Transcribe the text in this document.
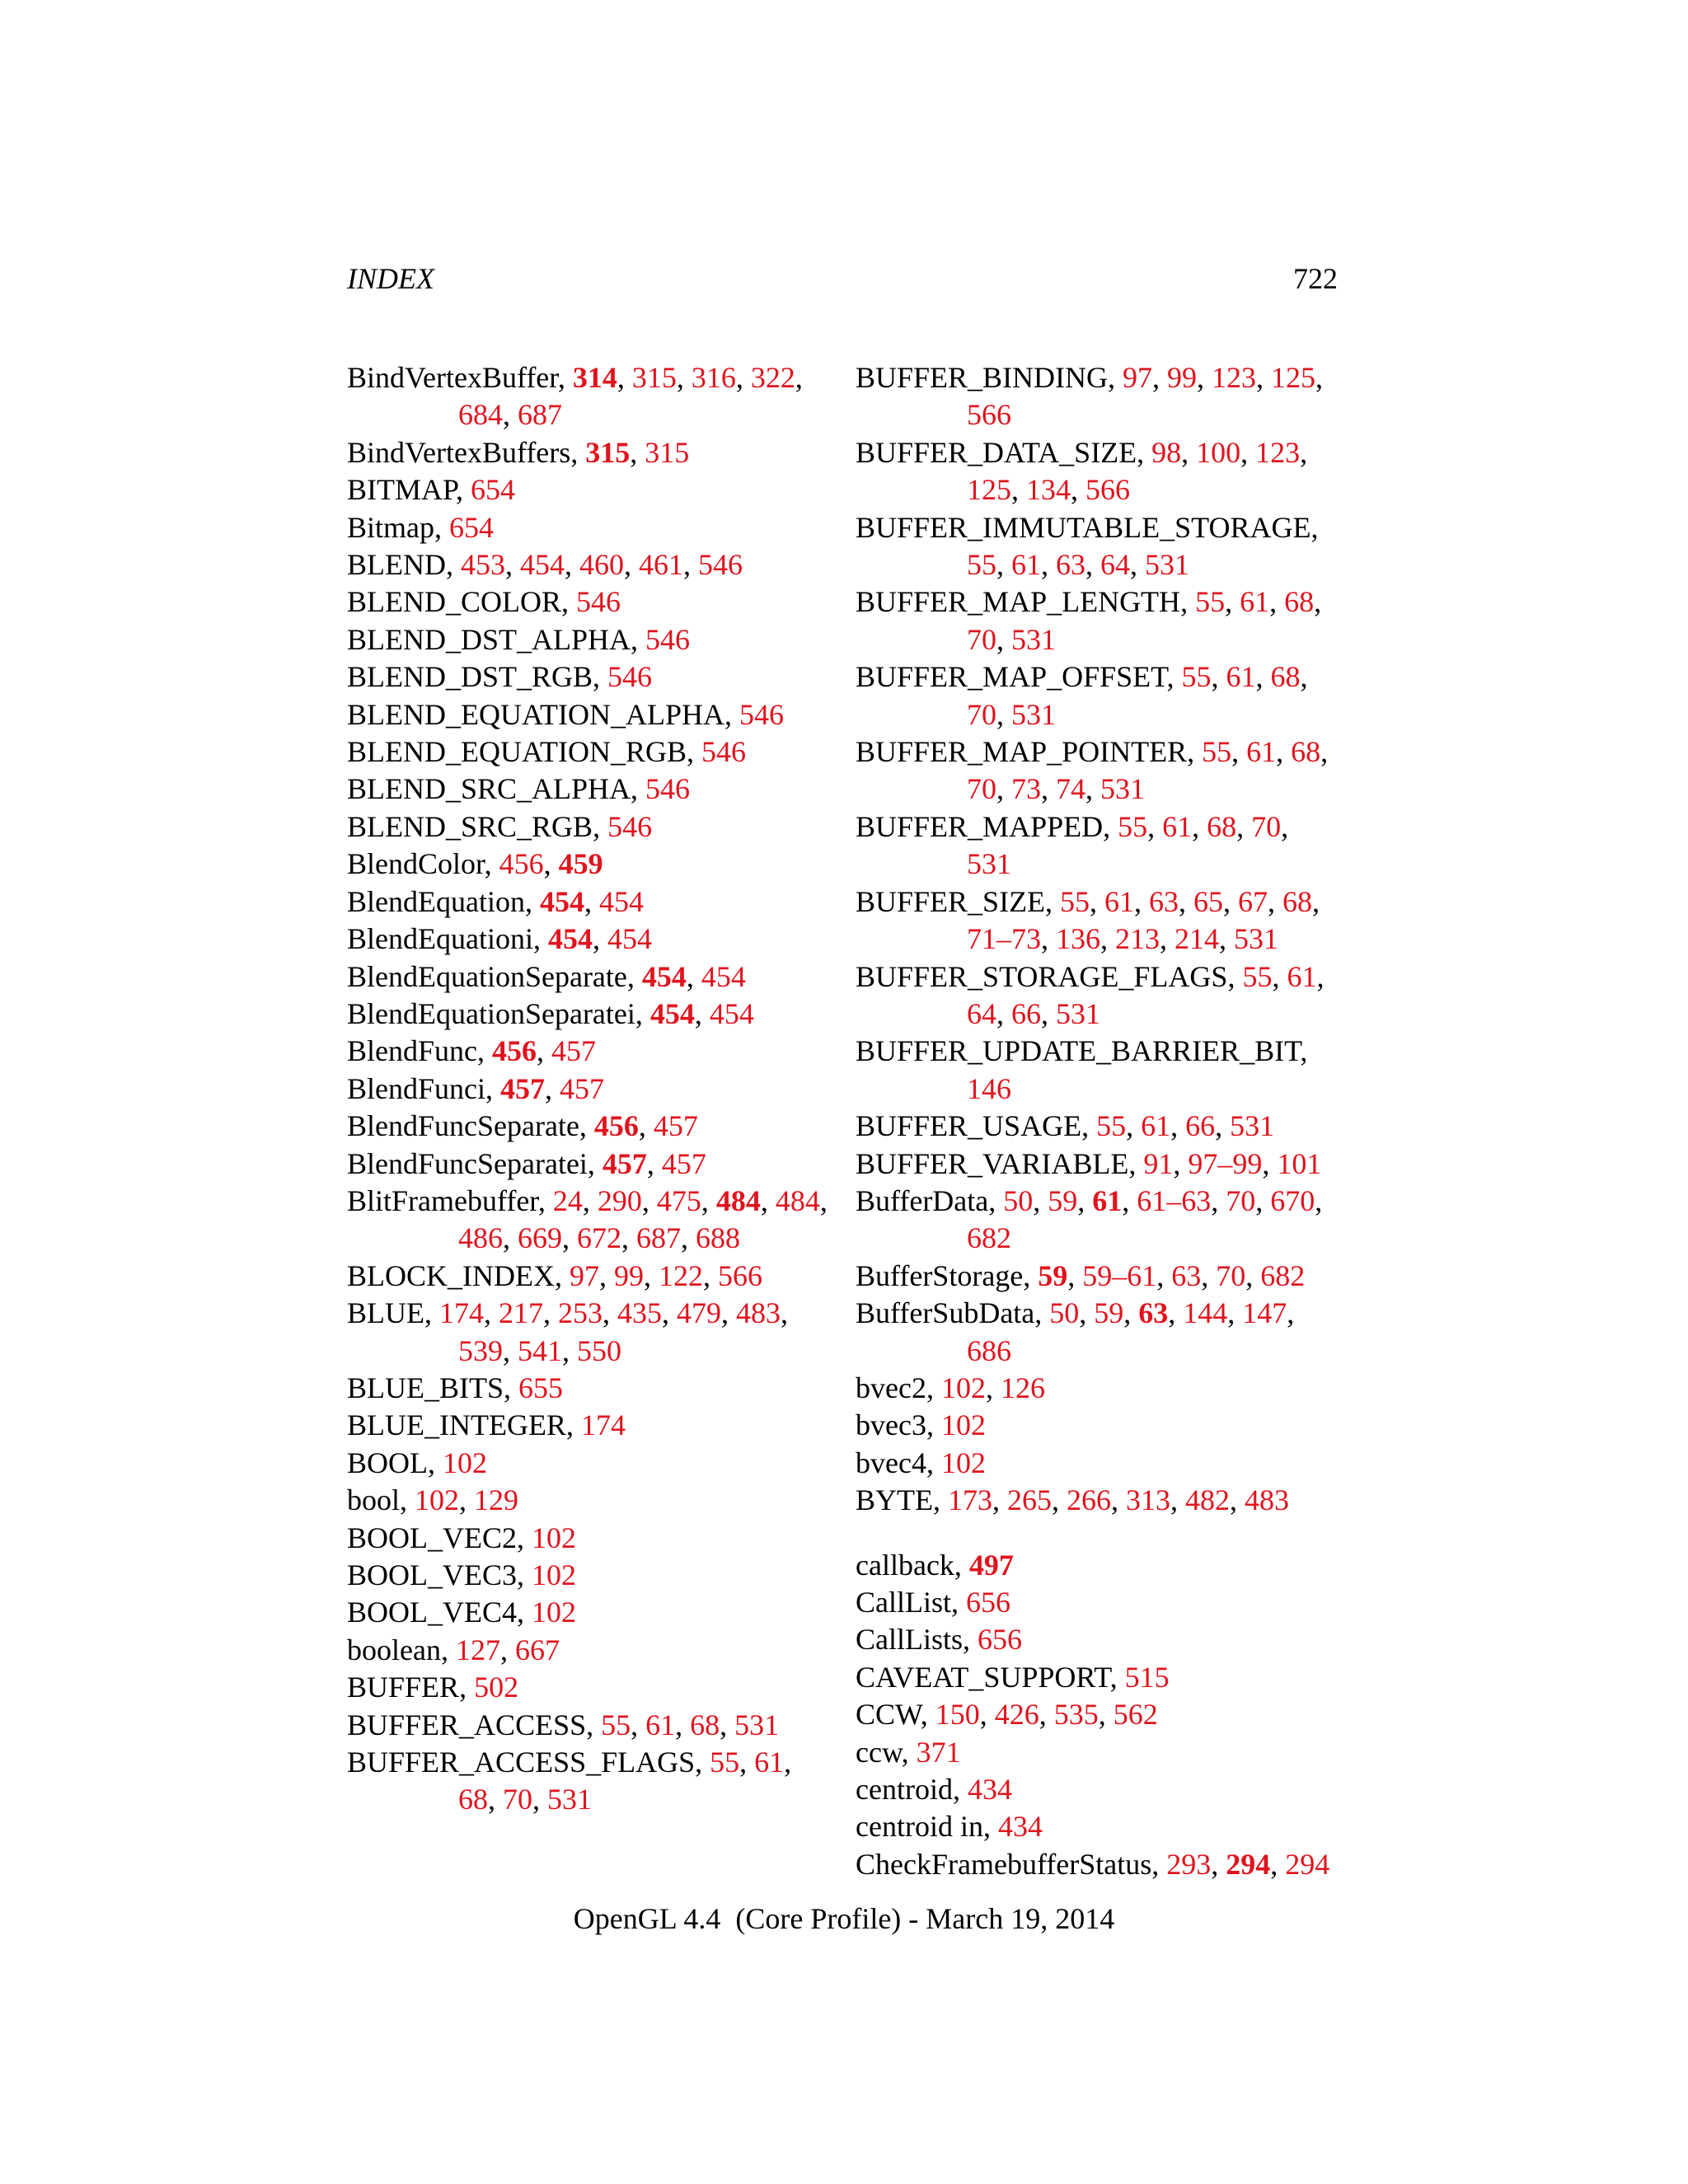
INDEX	722
BindVertexBuffer, 314, 315, 316, 322, 684, 687
BindVertexBuffers, 315, 315
BITMAP, 654
Bitmap, 654
BLEND, 453, 454, 460, 461, 546
BLEND_COLOR, 546
BLEND_DST_ALPHA, 546
BLEND_DST_RGB, 546
BLEND_EQUATION_ALPHA, 546
BLEND_EQUATION_RGB, 546
BLEND_SRC_ALPHA, 546
BLEND_SRC_RGB, 546
BlendColor, 456, 459
BlendEquation, 454, 454
BlendEquationi, 454, 454
BlendEquationSeparate, 454, 454
BlendEquationSeparatei, 454, 454
BlendFunc, 456, 457
BlendFunci, 457, 457
BlendFuncSeparate, 456, 457
BlendFuncSeparatei, 457, 457
BlitFramebuffer, 24, 290, 475, 484, 484, 486, 669, 672, 687, 688
BLOCK_INDEX, 97, 99, 122, 566
BLUE, 174, 217, 253, 435, 479, 483, 539, 541, 550
BLUE_BITS, 655
BLUE_INTEGER, 174
BOOL, 102
bool, 102, 129
BOOL_VEC2, 102
BOOL_VEC3, 102
BOOL_VEC4, 102
boolean, 127, 667
BUFFER, 502
BUFFER_ACCESS, 55, 61, 68, 531
BUFFER_ACCESS_FLAGS, 55, 61, 68, 70, 531
BUFFER_BINDING, 97, 99, 123, 125, 566
BUFFER_DATA_SIZE, 98, 100, 123, 125, 134, 566
BUFFER_IMMUTABLE_STORAGE, 55, 61, 63, 64, 531
BUFFER_MAP_LENGTH, 55, 61, 68, 70, 531
BUFFER_MAP_OFFSET, 55, 61, 68, 70, 531
BUFFER_MAP_POINTER, 55, 61, 68, 70, 73, 74, 531
BUFFER_MAPPED, 55, 61, 68, 70, 531
BUFFER_SIZE, 55, 61, 63, 65, 67, 68, 71–73, 136, 213, 214, 531
BUFFER_STORAGE_FLAGS, 55, 61, 64, 66, 531
BUFFER_UPDATE_BARRIER_BIT, 146
BUFFER_USAGE, 55, 61, 66, 531
BUFFER_VARIABLE, 91, 97–99, 101
BufferData, 50, 59, 61, 61–63, 70, 670, 682
BufferStorage, 59, 59–61, 63, 70, 682
BufferSubData, 50, 59, 63, 144, 147, 686
bvec2, 102, 126
bvec3, 102
bvec4, 102
BYTE, 173, 265, 266, 313, 482, 483
callback, 497
CallList, 656
CallLists, 656
CAVEAT_SUPPORT, 515
CCW, 150, 426, 535, 562
ccw, 371
centroid, 434
centroid in, 434
CheckFramebufferStatus, 293, 294, 294
OpenGL 4.4  (Core Profile) - March 19, 2014
